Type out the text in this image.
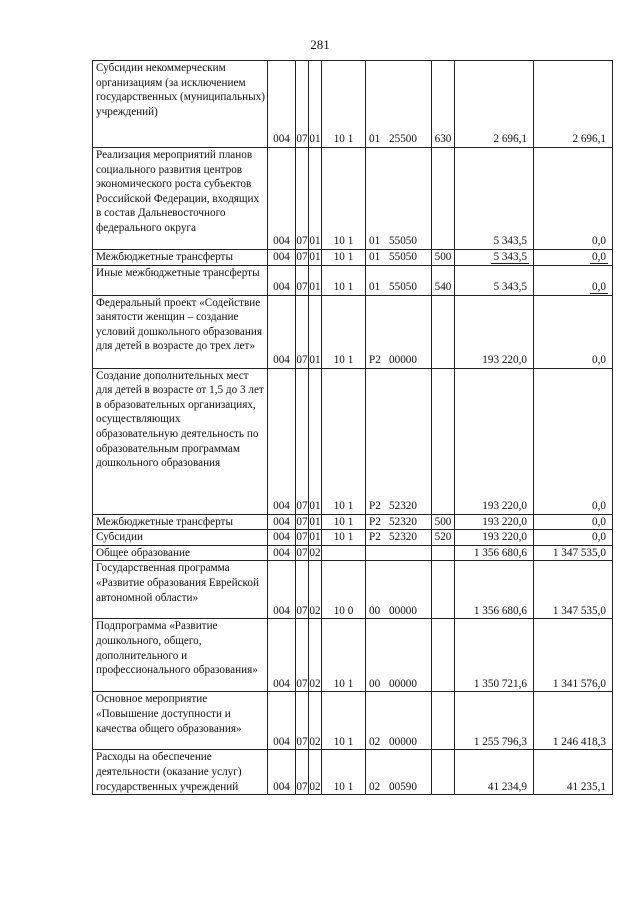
281
Субсидии некоммерческим организациям (за исключением государственных (муниципальных) учреждений)	004	07	01	10 1	01 25500	630	2 696,1	2 696,1
Реализация мероприятий планов социального развития центров экономического роста субъектов Российской Федерации, входящих в состав Дальневосточного федерального округа	004	07	01	10 1	01 55050		5 343,5	0,0
Межбюджетные трансферты	004	07	01	10 1	01 55050	500	5 343,5	0,0
Иные межбюджетные трансферты	004	07	01	10 1	01 55050	540	5 343,5	0,0
Федеральный проект «Содействие занятости женщин – создание условий дошкольного образования для детей в возрасте до трех лет»	004	07	01	10 1	P2 00000		193 220,0	0,0
Создание дополнительных мест для детей в возрасте от 1,5 до 3 лет в образовательных организациях, осуществляющих образовательную деятельность по образовательным программам дошкольного образования	004	07	01	10 1	P2 52320		193 220,0	0,0
Межбюджетные трансферты	004	07	01	10 1	P2 52320	500	193 220,0	0,0
Субсидии	004	07	01	10 1	P2 52320	520	193 220,0	0,0
Общее образование	004	07	02				1 356 680,6	1 347 535,0
Государственная программа «Развитие образования Еврейской автономной области»	004	07	02	10 0	00 00000		1 356 680,6	1 347 535,0
Подпрограмма «Развитие дошкольного, общего, дополнительного и профессионального образования»	004	07	02	10 1	00 00000		1 350 721,6	1 341 576,0
Основное мероприятие «Повышение доступности и качества общего образования»	004	07	02	10 1	02 00000		1 255 796,3	1 246 418,3
Расходы на обеспечение деятельности (оказание услуг) государственных учреждений	004	07	02	10 1	02 00590		41 234,9	41 235,1
